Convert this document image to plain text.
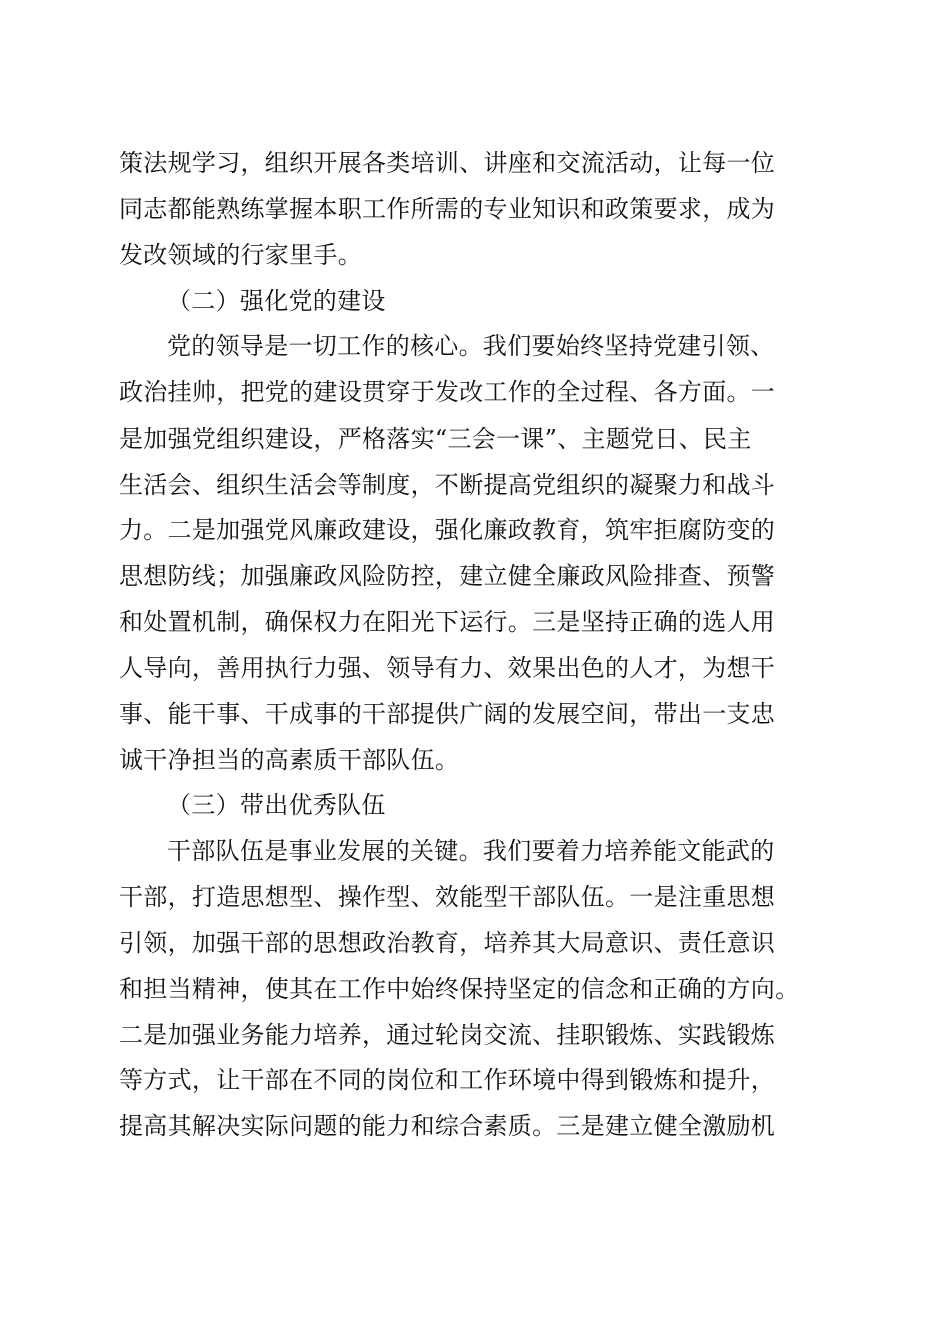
策法规学习，组织开展各类培训、讲座和交流活动，让每一位
同志都能熟练掌握本职工作所需的专业知识和政策要求，成为
发改领域的行家里手。
（二）强化党的建设
党的领导是一切工作的核心。我们要始终坚持党建引领、
政治挂帅，把党的建设贯穿于发改工作的全过程、各方面。一
是加强党组织建设，严格落实“三会一课”、主题党日、民主
生活会、组织生活会等制度，不断提高党组织的凝聚力和战斗
力。二是加强党风廉政建设，强化廉政教育，筑牢拒腐防变的
思想防线；加强廉政风险防控，建立健全廉政风险排查、预警
和处置机制，确保权力在阳光下运行。三是坚持正确的选人用
人导向，善用执行力强、领导有力、效果出色的人才，为想干
事、能干事、干成事的干部提供广阔的发展空间，带出一支忠
诚干净担当的高素质干部队伍。
（三）带出优秀队伍
干部队伍是事业发展的关键。我们要着力培养能文能武的
干部，打造思想型、操作型、效能型干部队伍。一是注重思想
引领，加强干部的思想政治教育，培养其大局意识、责任意识
和担当精神，使其在工作中始终保持坚定的信念和正确的方向。
二是加强业务能力培养，通过轮岗交流、挂职锻炼、实践锻炼
等方式，让干部在不同的岗位和工作环境中得到锻炼和提升，
提高其解决实际问题的能力和综合素质。三是建立健全激励机
